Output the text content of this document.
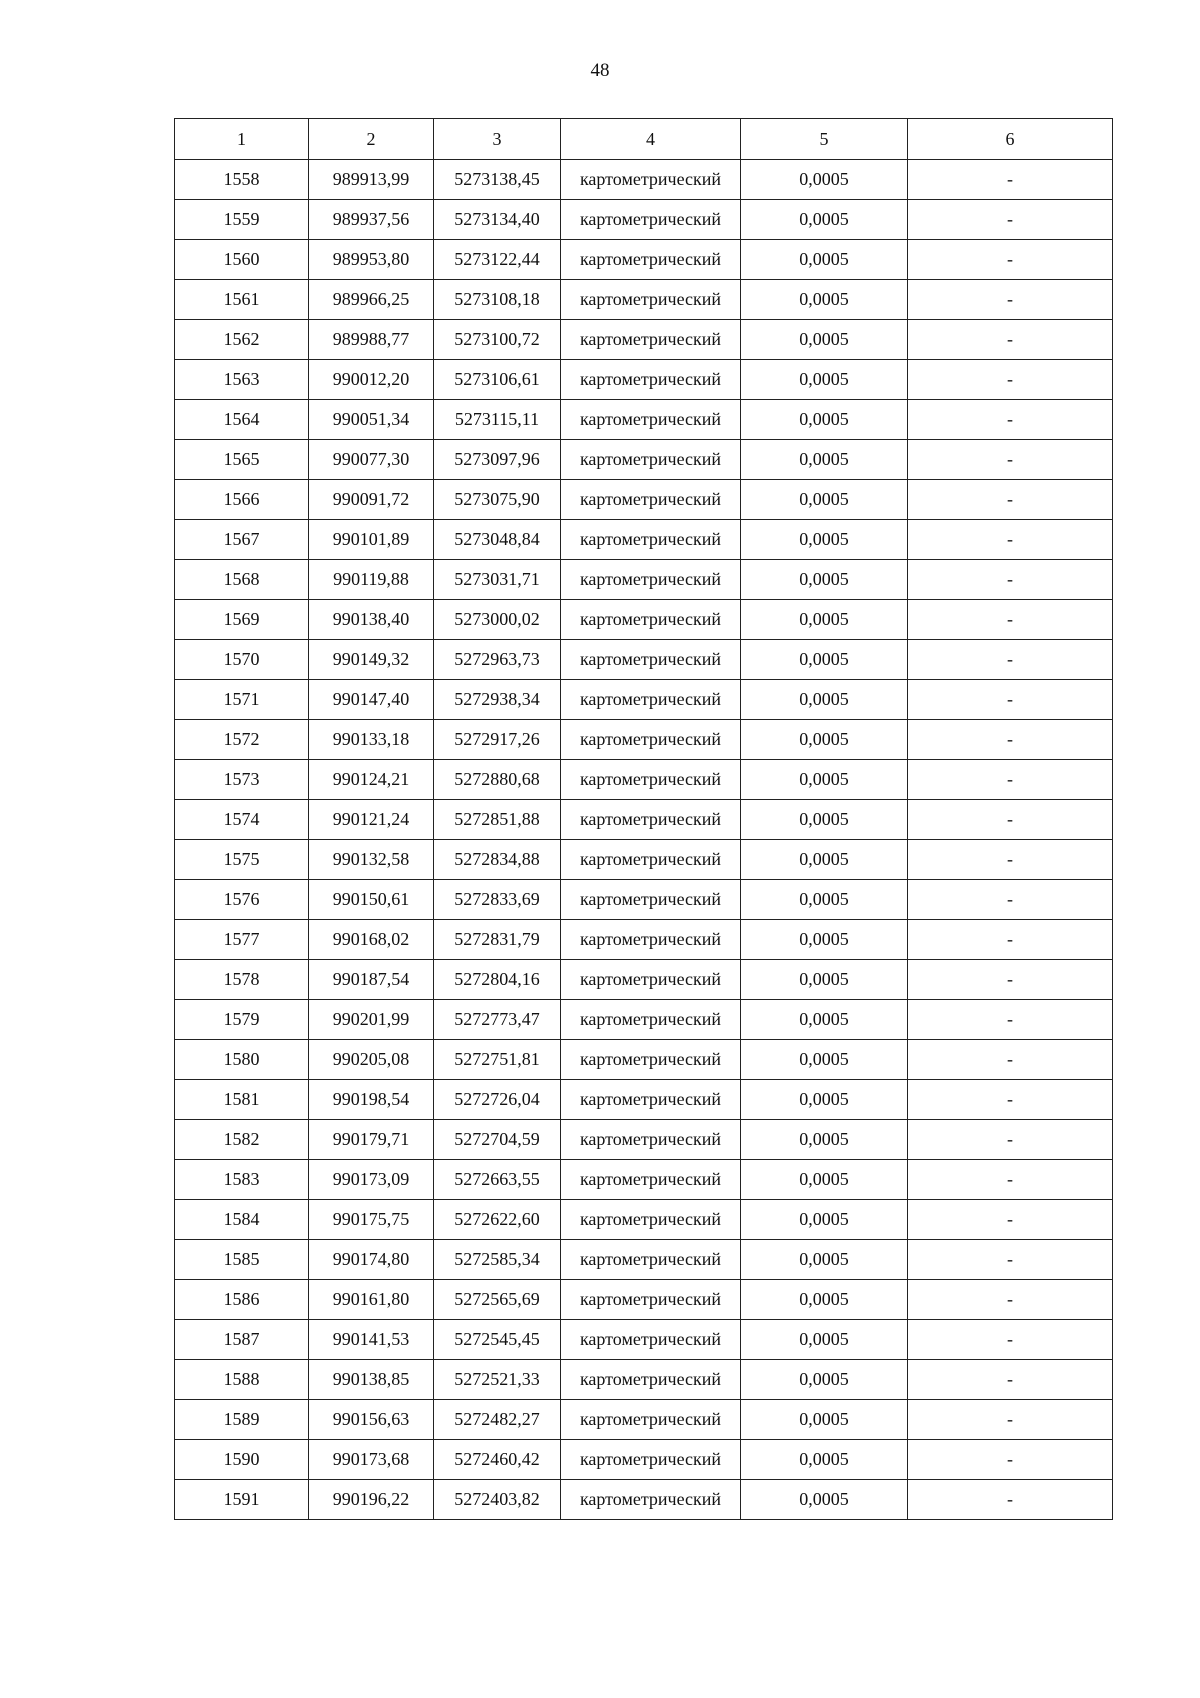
48
1	2	3	4	5	6
1558	989913,99	5273138,45	картометрический	0,0005	-
1559	989937,56	5273134,40	картометрический	0,0005	-
1560	989953,80	5273122,44	картометрический	0,0005	-
1561	989966,25	5273108,18	картометрический	0,0005	-
1562	989988,77	5273100,72	картометрический	0,0005	-
1563	990012,20	5273106,61	картометрический	0,0005	-
1564	990051,34	5273115,11	картометрический	0,0005	-
1565	990077,30	5273097,96	картометрический	0,0005	-
1566	990091,72	5273075,90	картометрический	0,0005	-
1567	990101,89	5273048,84	картометрический	0,0005	-
1568	990119,88	5273031,71	картометрический	0,0005	-
1569	990138,40	5273000,02	картометрический	0,0005	-
1570	990149,32	5272963,73	картометрический	0,0005	-
1571	990147,40	5272938,34	картометрический	0,0005	-
1572	990133,18	5272917,26	картометрический	0,0005	-
1573	990124,21	5272880,68	картометрический	0,0005	-
1574	990121,24	5272851,88	картометрический	0,0005	-
1575	990132,58	5272834,88	картометрический	0,0005	-
1576	990150,61	5272833,69	картометрический	0,0005	-
1577	990168,02	5272831,79	картометрический	0,0005	-
1578	990187,54	5272804,16	картометрический	0,0005	-
1579	990201,99	5272773,47	картометрический	0,0005	-
1580	990205,08	5272751,81	картометрический	0,0005	-
1581	990198,54	5272726,04	картометрический	0,0005	-
1582	990179,71	5272704,59	картометрический	0,0005	-
1583	990173,09	5272663,55	картометрический	0,0005	-
1584	990175,75	5272622,60	картометрический	0,0005	-
1585	990174,80	5272585,34	картометрический	0,0005	-
1586	990161,80	5272565,69	картометрический	0,0005	-
1587	990141,53	5272545,45	картометрический	0,0005	-
1588	990138,85	5272521,33	картометрический	0,0005	-
1589	990156,63	5272482,27	картометрический	0,0005	-
1590	990173,68	5272460,42	картометрический	0,0005	-
1591	990196,22	5272403,82	картометрический	0,0005	-
